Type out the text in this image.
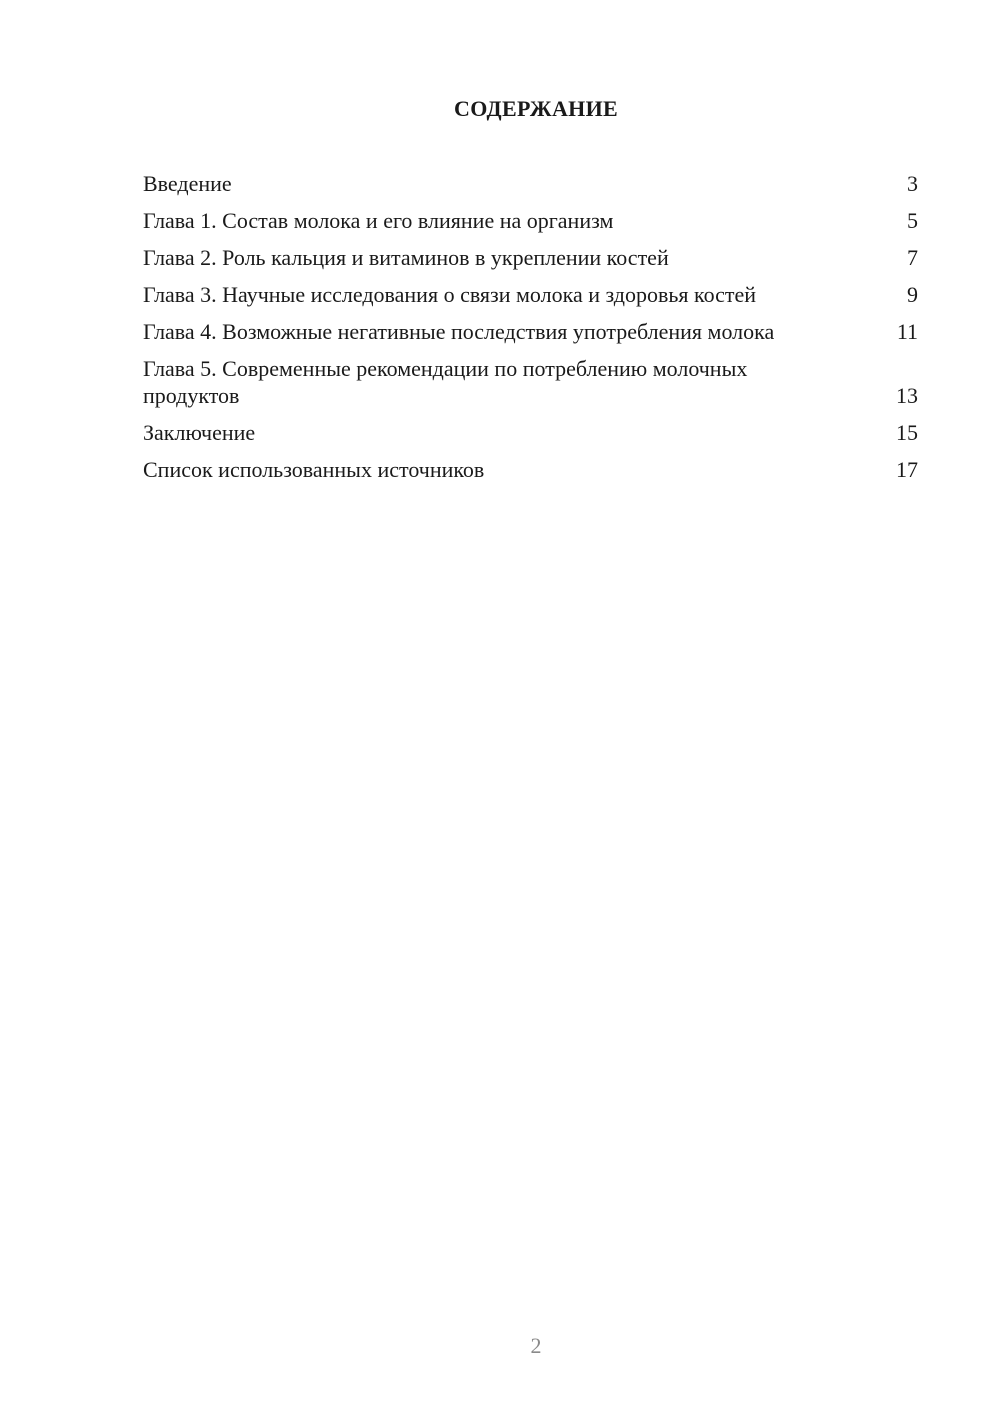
СОДЕРЖАНИЕ
Введение	3
Глава 1. Состав молока и его влияние на организм	5
Глава 2. Роль кальция и витаминов в укреплении костей	7
Глава 3. Научные исследования о связи молока и здоровья костей	9
Глава 4. Возможные негативные последствия употребления молока	11
Глава 5. Современные рекомендации по потреблению молочных продуктов	13
Заключение	15
Список использованных источников	17
2
